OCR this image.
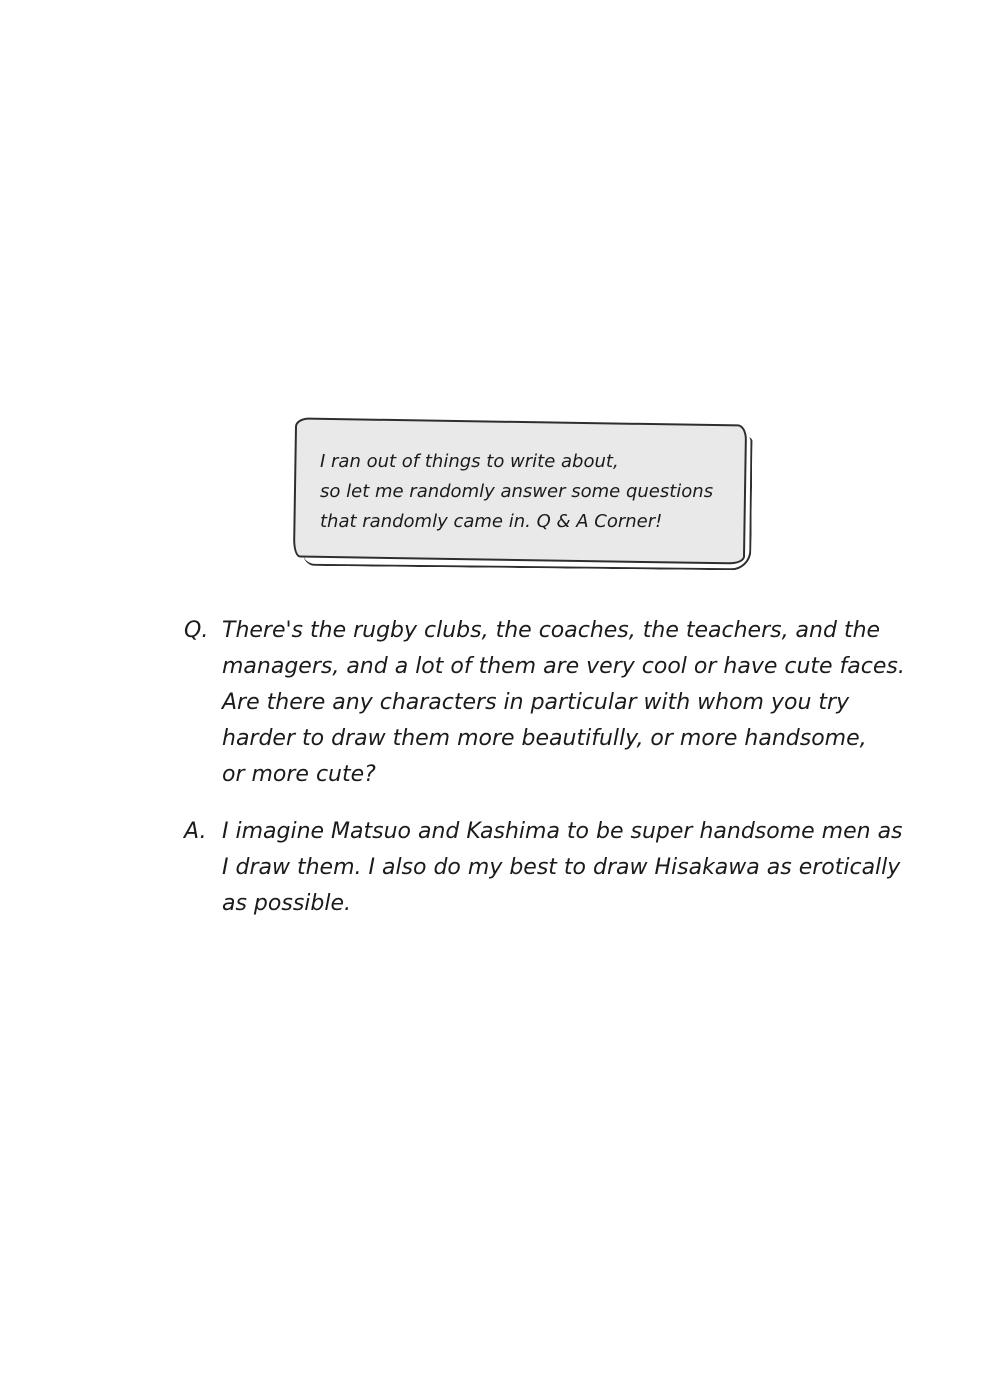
I ran out of things to write about,
so let me randomly answer some questions
that randomly came in. Q & A Corner!
Q. There's the rugby clubs, the coaches, the teachers, and the
managers, and a lot of them are very cool or have cute faces.
Are there any characters in particular with whom you try
harder to draw them more beautifully, or more handsome,
or more cute?
A. I imagine Matsuo and Kashima to be super handsome men as
I draw them. I also do my best to draw Hisakawa as erotically
as possible.
